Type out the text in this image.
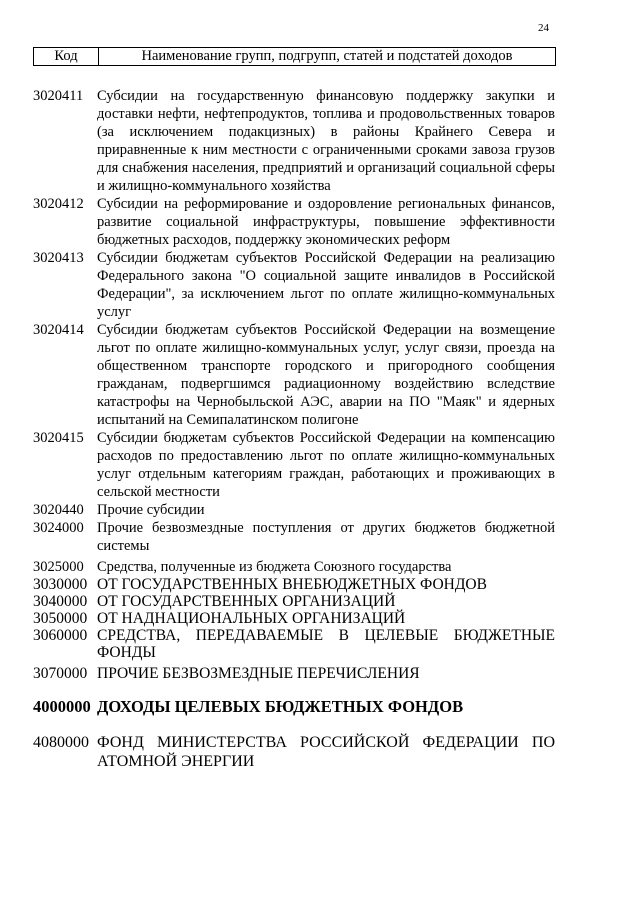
24
Код	Наименование групп, подгрупп, статей и подстатей доходов
3020411 Субсидии на государственную финансовую поддержку закупки и доставки нефти, нефтепродуктов, топлива и продовольственных товаров (за исключением подакцизных) в районы Крайнего Севера и приравненные к ним местности с ограниченными сроками завоза грузов для снабжения населения, предприятий и организаций социальной сферы и жилищно-коммунального хозяйства
3020412 Субсидии на реформирование и оздоровление региональных финансов, развитие социальной инфраструктуры, повышение эффективности бюджетных расходов, поддержку экономических реформ
3020413 Субсидии бюджетам субъектов Российской Федерации на реализацию Федерального закона "О социальной защите инвалидов в Российской Федерации", за исключением льгот по оплате жилищно-коммунальных услуг
3020414 Субсидии бюджетам субъектов Российской Федерации на возмещение льгот по оплате жилищно-коммунальных услуг, услуг связи, проезда на общественном транспорте городского и пригородного сообщения гражданам, подвергшимся радиационному воздействию вследствие катастрофы на Чернобыльской АЭС, аварии на ПО "Маяк" и ядерных испытаний на Семипалатинском полигоне
3020415 Субсидии бюджетам субъектов Российской Федерации на компенсацию расходов по предоставлению льгот по оплате жилищно-коммунальных услуг отдельным категориям граждан, работающих и проживающих в сельской местности
3020440 Прочие субсидии
3024000 Прочие безвозмездные поступления от других бюджетов бюджетной системы
3025000 Средства, полученные из бюджета Союзного государства
3030000 ОТ ГОСУДАРСТВЕННЫХ ВНЕБЮДЖЕТНЫХ ФОНДОВ
3040000 ОТ ГОСУДАРСТВЕННЫХ ОРГАНИЗАЦИЙ
3050000 ОТ НАДНАЦИОНАЛЬНЫХ ОРГАНИЗАЦИЙ
3060000 СРЕДСТВА, ПЕРЕДАВАЕМЫЕ В ЦЕЛЕВЫЕ БЮДЖЕТНЫЕ ФОНДЫ
3070000 ПРОЧИЕ БЕЗВОЗМЕЗДНЫЕ ПЕРЕЧИСЛЕНИЯ
4000000 ДОХОДЫ ЦЕЛЕВЫХ БЮДЖЕТНЫХ ФОНДОВ
4080000 ФОНД МИНИСТЕРСТВА РОССИЙСКОЙ ФЕДЕРАЦИИ ПО АТОМНОЙ ЭНЕРГИИ
